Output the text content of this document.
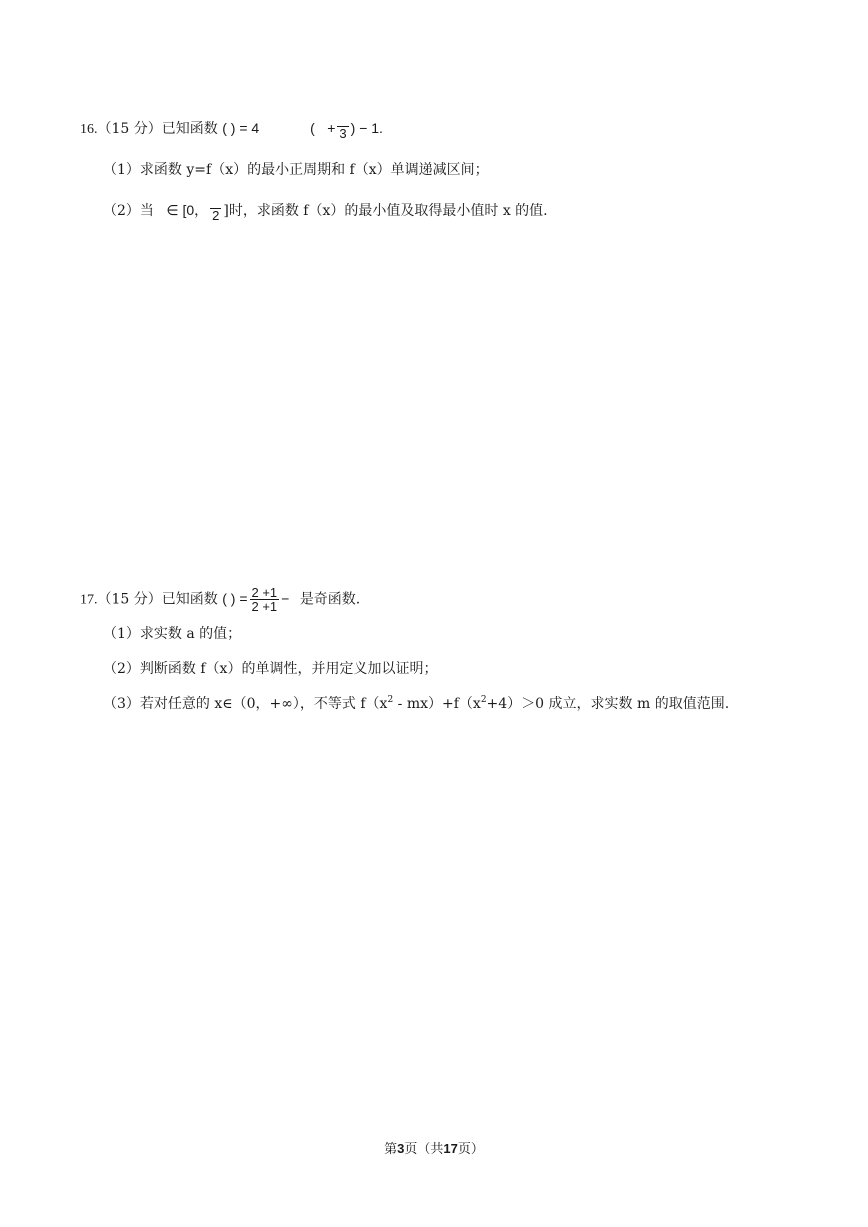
16.（15 分）已知函数 ( ) = 4	( + 3 ) − 1.
（1）求函数 y=f（x）的最小正周期和 f（x）单调递减区间；
（2）当 ∈ [0， 2 ]时，求函数 f（x）的最小值及取得最小值时 x 的值.
17.（15 分）已知函数 ( ) = $\frac{2 +1}{2 +1}$ − 是奇函数.
（1）求实数 a 的值；
（2）判断函数 f（x）的单调性，并用定义加以证明；
（3）若对任意的 x∈（0，+∞），不等式 $f(x^2 - mx)+f(x^2+4)>0$ 成立，求实数 m 的取值范围.
第3页（共17页）
